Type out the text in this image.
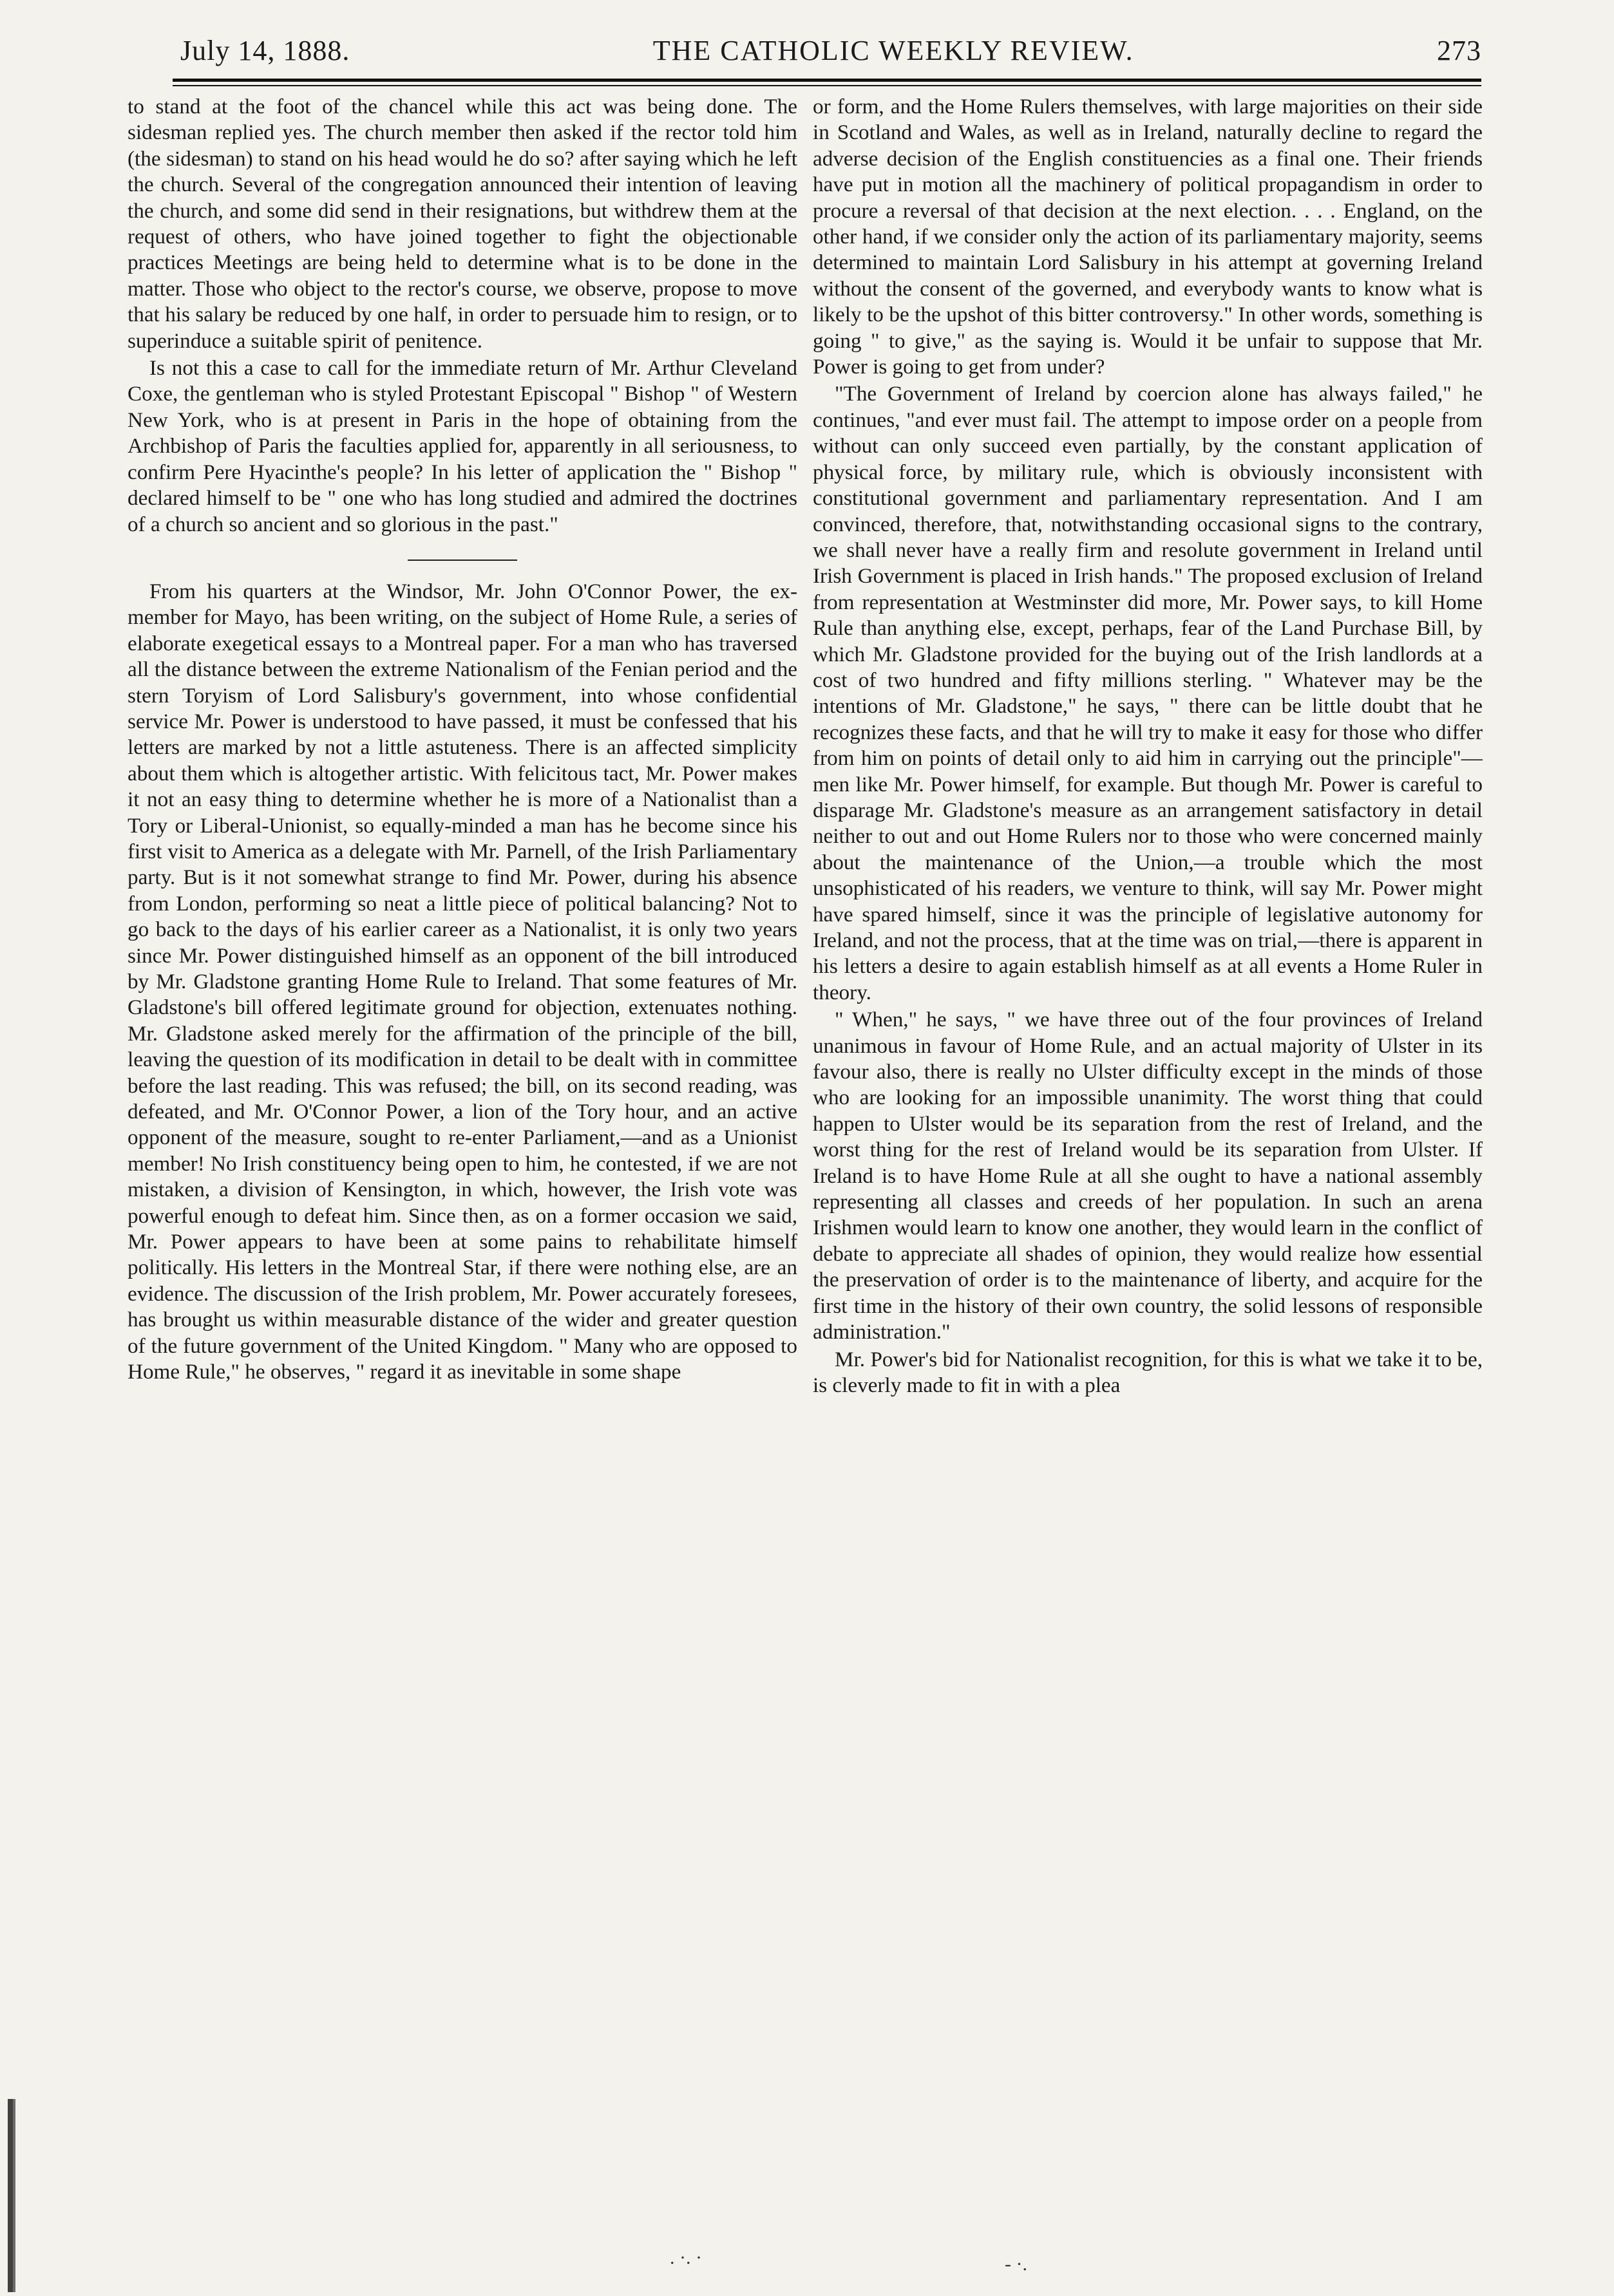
July 14, 1888.	THE CATHOLIC WEEKLY REVIEW.	273

to stand at the foot of the chancel while this act was being done. The sidesman replied yes. The church member then asked if the rector told him (the sidesman) to stand on his head would he do so? after saying which he left the church. Several of the congregation announced their intention of leaving the church, and some did send in their resignations, but withdrew them at the request of others, who have joined together to fight the objectionable practices Meetings are being held to determine what is to be done in the matter. Those who object to the rector's course, we observe, propose to move that his salary be reduced by one half, in order to persuade him to resign, or to superinduce a suitable spirit of penitence.

Is not this a case to call for the immediate return of Mr. Arthur Cleveland Coxe, the gentleman who is styled Protestant Episcopal " Bishop " of Western New York, who is at present in Paris in the hope of obtaining from the Archbishop of Paris the faculties applied for, apparently in all seriousness, to confirm Pere Hyacinthe's people? In his letter of application the " Bishop " declared himself to be " one who has long studied and admired the doctrines of a church so ancient and so glorious in the past."

From his quarters at the Windsor, Mr. John O'Connor Power, the ex-member for Mayo, has been writing, on the subject of Home Rule, a series of elaborate exegetical essays to a Montreal paper. For a man who has traversed all the distance between the extreme Nationalism of the Fenian period and the stern Toryism of Lord Salisbury's government, into whose confidential service Mr. Power is understood to have passed, it must be confessed that his letters are marked by not a little astuteness. There is an affected simplicity about them which is altogether artistic. With felicitous tact, Mr. Power makes it not an easy thing to determine whether he is more of a Nationalist than a Tory or Liberal-Unionist, so equally-minded a man has he become since his first visit to America as a delegate with Mr. Parnell, of the Irish Parliamentary party. But is it not somewhat strange to find Mr. Power, during his absence from London, performing so neat a little piece of political balancing? Not to go back to the days of his earlier career as a Nationalist, it is only two years since Mr. Power distinguished himself as an opponent of the bill introduced by Mr. Gladstone granting Home Rule to Ireland. That some features of Mr. Gladstone's bill offered legitimate ground for objection, extenuates nothing. Mr. Gladstone asked merely for the affirmation of the principle of the bill, leaving the question of its modification in detail to be dealt with in committee before the last reading. This was refused; the bill, on its second reading, was defeated, and Mr. O'Connor Power, a lion of the Tory hour, and an active opponent of the measure, sought to re-enter Parliament,—and as a Unionist member! No Irish constituency being open to him, he contested, if we are not mistaken, a division of Kensington, in which, however, the Irish vote was powerful enough to defeat him. Since then, as on a former occasion we said, Mr. Power appears to have been at some pains to rehabilitate himself politically. His letters in the Montreal Star, if there were nothing else, are an evidence. The discussion of the Irish problem, Mr. Power accurately foresees, has brought us within measurable distance of the wider and greater question of the future government of the United Kingdom. " Many who are opposed to Home Rule," he observes, " regard it as inevitable in some shape

or form, and the Home Rulers themselves, with large majorities on their side in Scotland and Wales, as well as in Ireland, naturally decline to regard the adverse decision of the English constituencies as a final one. Their friends have put in motion all the machinery of political propagandism in order to procure a reversal of that decision at the next election. . . . England, on the other hand, if we consider only the action of its parliamentary majority, seems determined to maintain Lord Salisbury in his attempt at governing Ireland without the consent of the governed, and everybody wants to know what is likely to be the upshot of this bitter controversy." In other words, something is going " to give," as the saying is. Would it be unfair to suppose that Mr. Power is going to get from under?

"The Government of Ireland by coercion alone has always failed," he continues, "and ever must fail. The attempt to impose order on a people from without can only succeed even partially, by the constant application of physical force, by military rule, which is obviously inconsistent with constitutional government and parliamentary representation. And I am convinced, therefore, that, notwithstanding occasional signs to the contrary, we shall never have a really firm and resolute government in Ireland until Irish Government is placed in Irish hands." The proposed exclusion of Ireland from representation at Westminster did more, Mr. Power says, to kill Home Rule than anything else, except, perhaps, fear of the Land Purchase Bill, by which Mr. Gladstone provided for the buying out of the Irish landlords at a cost of two hundred and fifty millions sterling. " Whatever may be the intentions of Mr. Gladstone," he says, " there can be little doubt that he recognizes these facts, and that he will try to make it easy for those who differ from him on points of detail only to aid him in carrying out the principle"—men like Mr. Power himself, for example. But though Mr. Power is careful to disparage Mr. Gladstone's measure as an arrangement satisfactory in detail neither to out and out Home Rulers nor to those who were concerned mainly about the maintenance of the Union,—a trouble which the most unsophisticated of his readers, we venture to think, will say Mr. Power might have spared himself, since it was the principle of legislative autonomy for Ireland, and not the process, that at the time was on trial,—there is apparent in his letters a desire to again establish himself as at all events a Home Ruler in theory.

" When," he says, " we have three out of the four provinces of Ireland unanimous in favour of Home Rule, and an actual majority of Ulster in its favour also, there is really no Ulster difficulty except in the minds of those who are looking for an impossible unanimity. The worst thing that could happen to Ulster would be its separation from the rest of Ireland, and the worst thing for the rest of Ireland would be its separation from Ulster. If Ireland is to have Home Rule at all she ought to have a national assembly representing all classes and creeds of her population. In such an arena Irishmen would learn to know one another, they would learn in the conflict of debate to appreciate all shades of opinion, they would realize how essential the preservation of order is to the maintenance of liberty, and acquire for the first time in the history of their own country, the solid lessons of responsible administration."

Mr. Power's bid for Nationalist recognition, for this is what we take it to be, is cleverly made to fit in with a plea

. ·. ·	- ·.
